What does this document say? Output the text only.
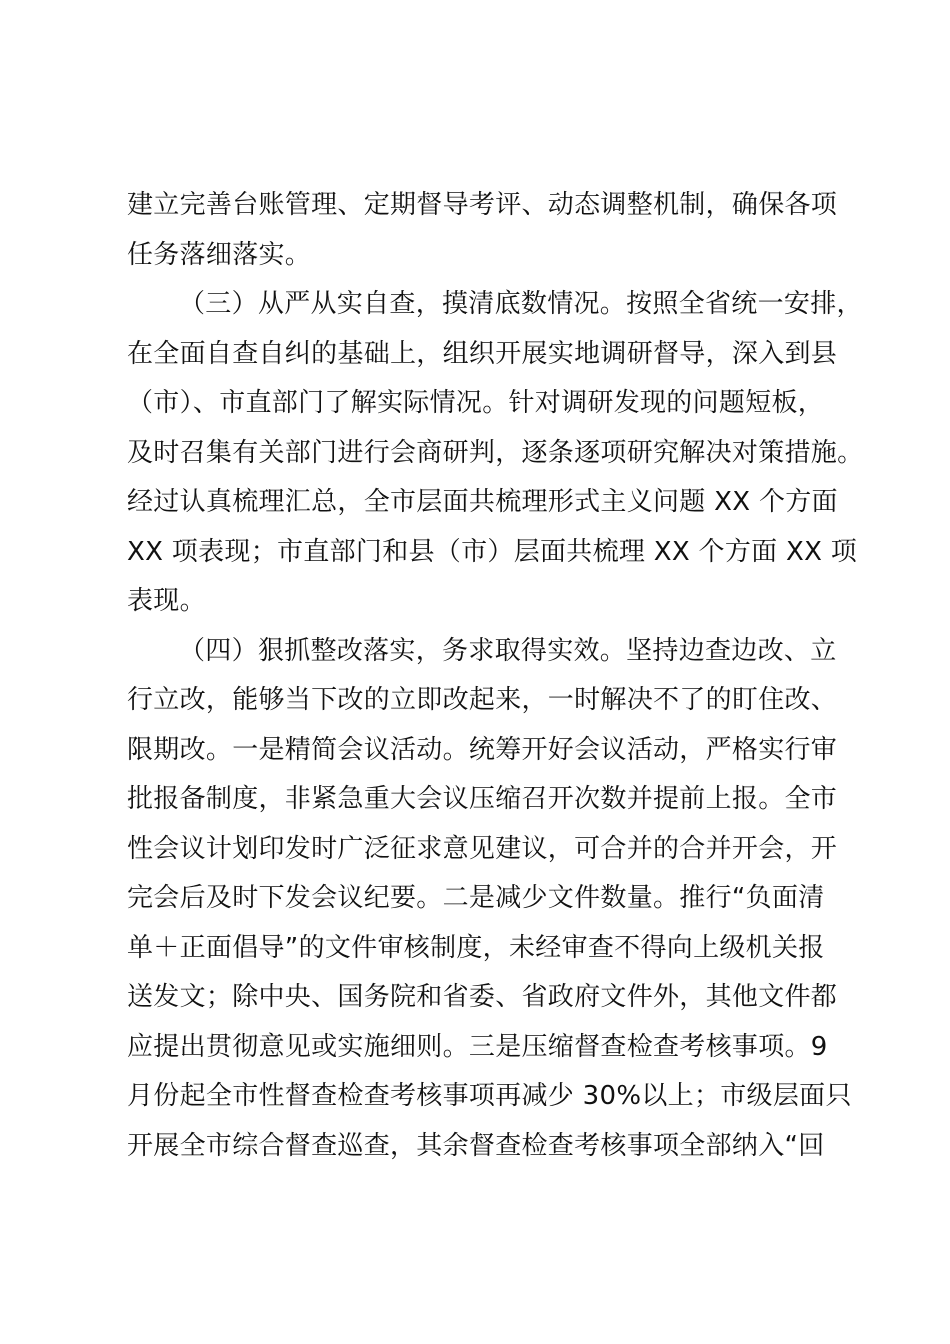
建立完善台账管理、定期督导考评、动态调整机制，确保各项
任务落细落实。
（三）从严从实自查，摸清底数情况。按照全省统一安排，
在全面自查自纠的基础上，组织开展实地调研督导，深入到县
（市）、市直部门了解实际情况。针对调研发现的问题短板，
及时召集有关部门进行会商研判，逐条逐项研究解决对策措施。
经过认真梳理汇总，全市层面共梳理形式主义问题 XX 个方面
XX 项表现；市直部门和县（市）层面共梳理 XX 个方面 XX 项
表现。
（四）狠抓整改落实，务求取得实效。坚持边查边改、立
行立改，能够当下改的立即改起来，一时解决不了的盯住改、
限期改。一是精简会议活动。统筹开好会议活动，严格实行审
批报备制度，非紧急重大会议压缩召开次数并提前上报。全市
性会议计划印发时广泛征求意见建议，可合并的合并开会，开
完会后及时下发会议纪要。二是减少文件数量。推行“负面清
单＋正面倡导”的文件审核制度，未经审查不得向上级机关报
送发文；除中央、国务院和省委、省政府文件外，其他文件都
应提出贯彻意见或实施细则。三是压缩督查检查考核事项。9
月份起全市性督查检查考核事项再减少 30%以上；市级层面只
开展全市综合督查巡查，其余督查检查考核事项全部纳入“回
